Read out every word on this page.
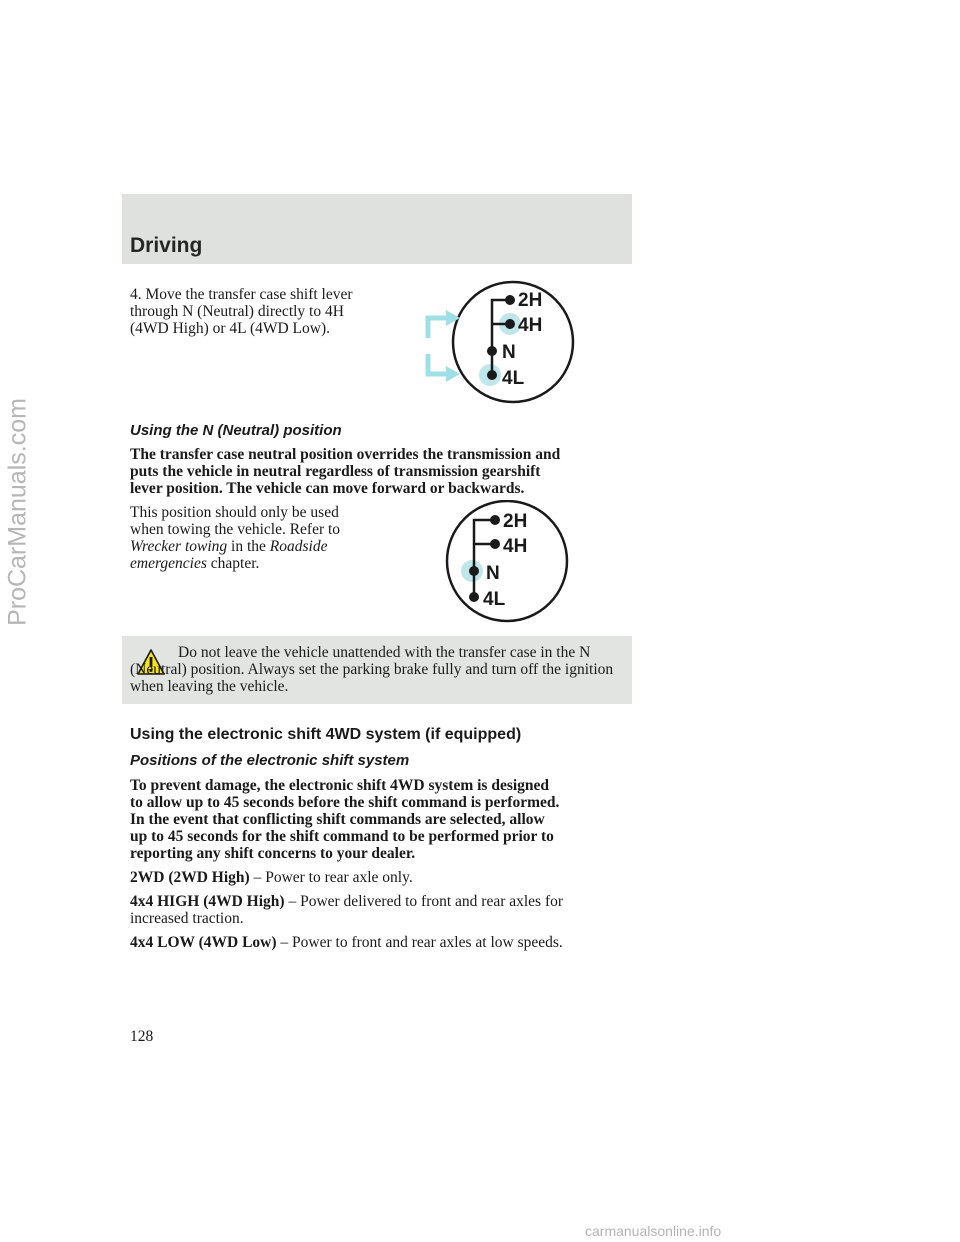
Driving

4. Move the transfer case shift lever

through N (Neutral) directly to 4H

(4WD High) or 4L (4WD Low).

2H
4H
N
4L
Using the N (Neutral) position

The transfer case neutral position overrides the transmission and

puts the vehicle in neutral regardless of transmission gearshift

lever position. The vehicle can move forward or backwards.

This position should only be used

when towing the vehicle. Refer to

Wrecker towing in the Roadside

emergencies chapter.

2H
4H
N
4L

Do not leave the vehicle unattended with the transfer case in the N (Neutral) position. Always set the parking brake fully and turn off the ignition when leaving the vehicle.

Using the electronic shift 4WD system (if equipped)
Positions of the electronic shift system

To prevent damage, the electronic shift 4WD system is designed

to allow up to 45 seconds before the shift command is performed.

In the event that conflicting shift commands are selected, allow

up to 45 seconds for the shift command to be performed prior to

reporting any shift concerns to your dealer.

2WD (2WD High) – Power to rear axle only.

4x4 HIGH (4WD High) – Power delivered to front and rear axles for

increased traction.

4x4 LOW (4WD Low) – Power to front and rear axles at low speeds.

128
ProCarManuals.com
carmanualsonline.info
